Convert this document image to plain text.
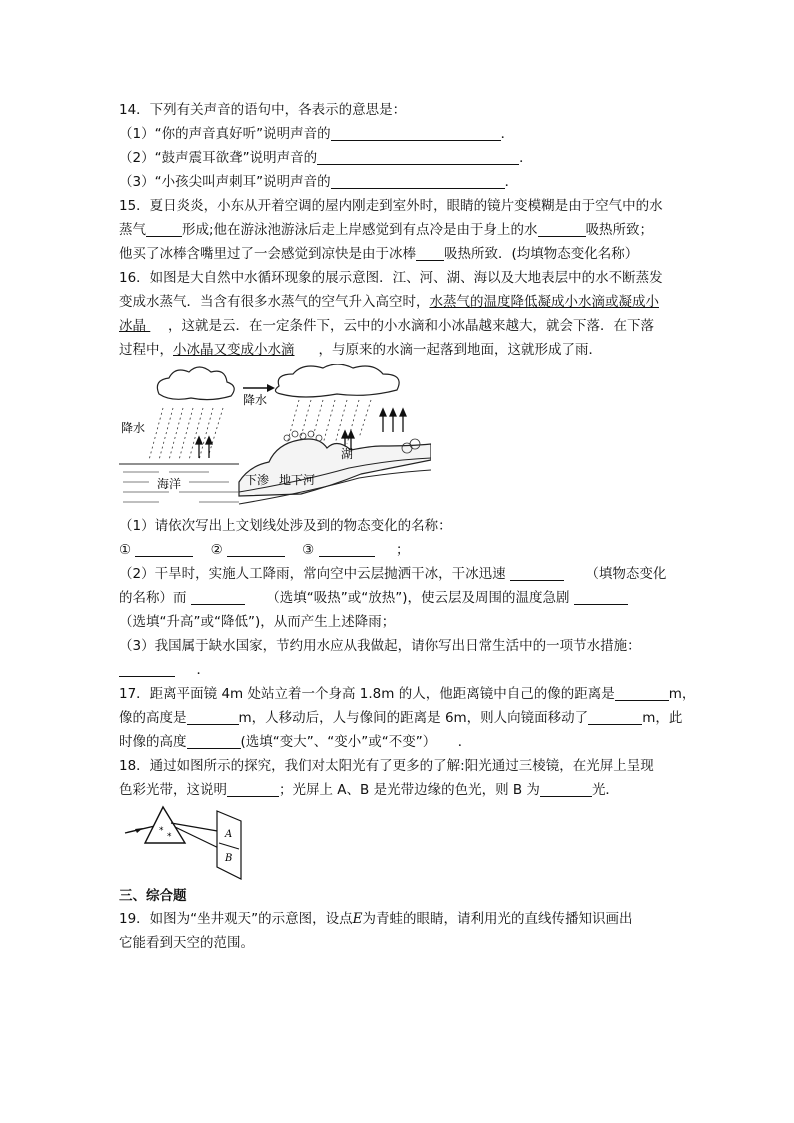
14．下列有关声音的语句中，各表示的意思是：
（1）“你的声音真好听”说明声音的	．
（2）“鼓声震耳欲聋”说明声音的	．
（3）“小孩尖叫声刺耳”说明声音的	．
15．夏日炎炎，小东从开着空调的屋内刚走到室外时，眼睛的镜片变模糊是由于空气中的水
蒸气	形成;他在游泳池游泳后走上岸感觉到有点冷是由于身上的水	吸热所致；
他买了冰棒含嘴里过了一会感觉到凉快是由于冰棒 吸热所致．(均填物态变化名称）
16．如图是大自然中水循环现象的展示意图．江、河、湖、海以及大地表层中的水不断蒸发
变成水蒸气．当含有很多水蒸气的空气升入高空时，水蒸气的温度降低凝成小水滴或凝成小
冰晶 ，这就是云．在一定条件下，云中的小水滴和小冰晶越来越大，就会下落．在下落
过程中，小冰晶又变成小水滴 ，与原来的水滴一起落到地面，这就形成了雨．
降水
降水
湖
海洋	下渗 地下河
（1）请依次写出上文划线处涉及到的物态变化的名称：
①	②	③	；
（2）干旱时，实施人工降雨，常向空中云层抛洒干冰，干冰迅速	（填物态变化
的名称）而	（选填“吸热”或“放热”)，使云层及周围的温度急剧
（选填“升高”或“降低”)，从而产生上述降雨；
（3）我国属于缺水国家，节约用水应从我做起，请你写出日常生活中的一项节水措施：
．
17．距离平面镜 4m 处站立着一个身高 1.8m 的人，他距离镜中自己的像的距离是	m，
像的高度是	m，人移动后，人与像间的距离是 6m，则人向镜面移动了	m，此
时像的高度	(选填“变大”、“变小”或“不变”） ．
18．通过如图所示的探究，我们对太阳光有了更多的了解:阳光通过三棱镜，在光屏上呈现
色彩光带，这说明	；光屏上 A、B 是光带边缘的色光，则 B 为	光．
*
*	A
B
三、综合题
19．如图为“坐井观天”的示意图，设点E为青蛙的眼睛，请利用光的直线传播知识画出
它能看到天空的范围。
